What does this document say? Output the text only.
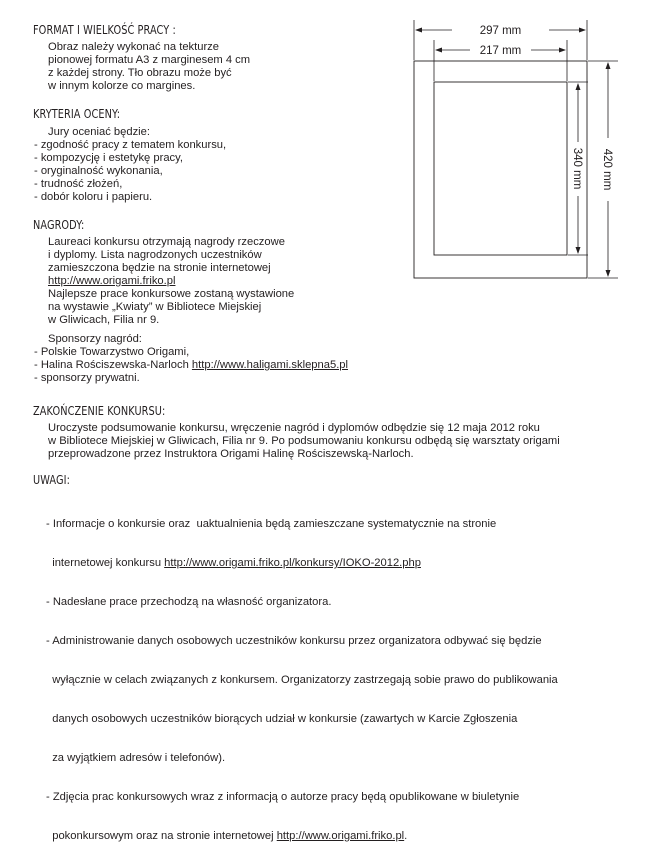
FORMAT I WIELKOŚĆ PRACY :
Obraz należy wykonać na tekturze
pionowej formatu A3 z marginesem 4 cm
z każdej strony. Tło obrazu może być
w innym kolorze co margines.
KRYTERIA OCENY:
Jury oceniać będzie:
- zgodność pracy z tematem konkursu,
- kompozycję i estetykę pracy,
- oryginalność wykonania,
- trudność złożeń,
- dobór koloru i papieru.
NAGRODY:
Laureaci konkursu otrzymają nagrody rzeczowe
i dyplomy. Lista nagrodzonych uczestników
zamieszczona będzie na stronie internetowej
http://www.origami.friko.pl
Najlepsze prace konkursowe zostaną wystawione
na wystawie „Kwiaty” w Bibliotece Miejskiej
w Gliwicach, Filia nr 9.
Sponsorzy nagród:
- Polskie Towarzystwo Origami,
- Halina Rościszewska-Narloch http://www.haligami.sklepna5.pl
- sponsorzy prywatni.
ZAKOŃCZENIE KONKURSU:
Uroczyste podsumowanie konkursu, wręczenie nagród i dyplomów odbędzie się 12 maja 2012 roku
w Bibliotece Miejskiej w Gliwicach, Filia nr 9. Po podsumowaniu konkursu odbędą się warsztaty origami
przeprowadzone przez Instruktora Origami Halinę Rościszewską-Narloch.
UWAGI:

- Informacje o konkursie oraz  uaktualnienia będą zamieszczane systematycznie na stronie

internetowej konkursu http://www.origami.friko.pl/konkursy/IOKO-2012.php

- Nadesłane prace przechodzą na własność organizatora.

- Administrowanie danych osobowych uczestników konkursu przez organizatora odbywać się będzie

wyłącznie w celach związanych z konkursem. Organizatorzy zastrzegają sobie prawo do publikowania

danych osobowych uczestników biorących udział w konkursie (zawartych w Karcie Zgłoszenia

za wyjątkiem adresów i telefonów).

- Zdjęcia prac konkursowych wraz z informacją o autorze pracy będą opublikowane w biuletynie

pokonkursowym oraz na stronie internetowej http://www.origami.friko.pl.

297 mm
217 mm
420 mm
340 mm
